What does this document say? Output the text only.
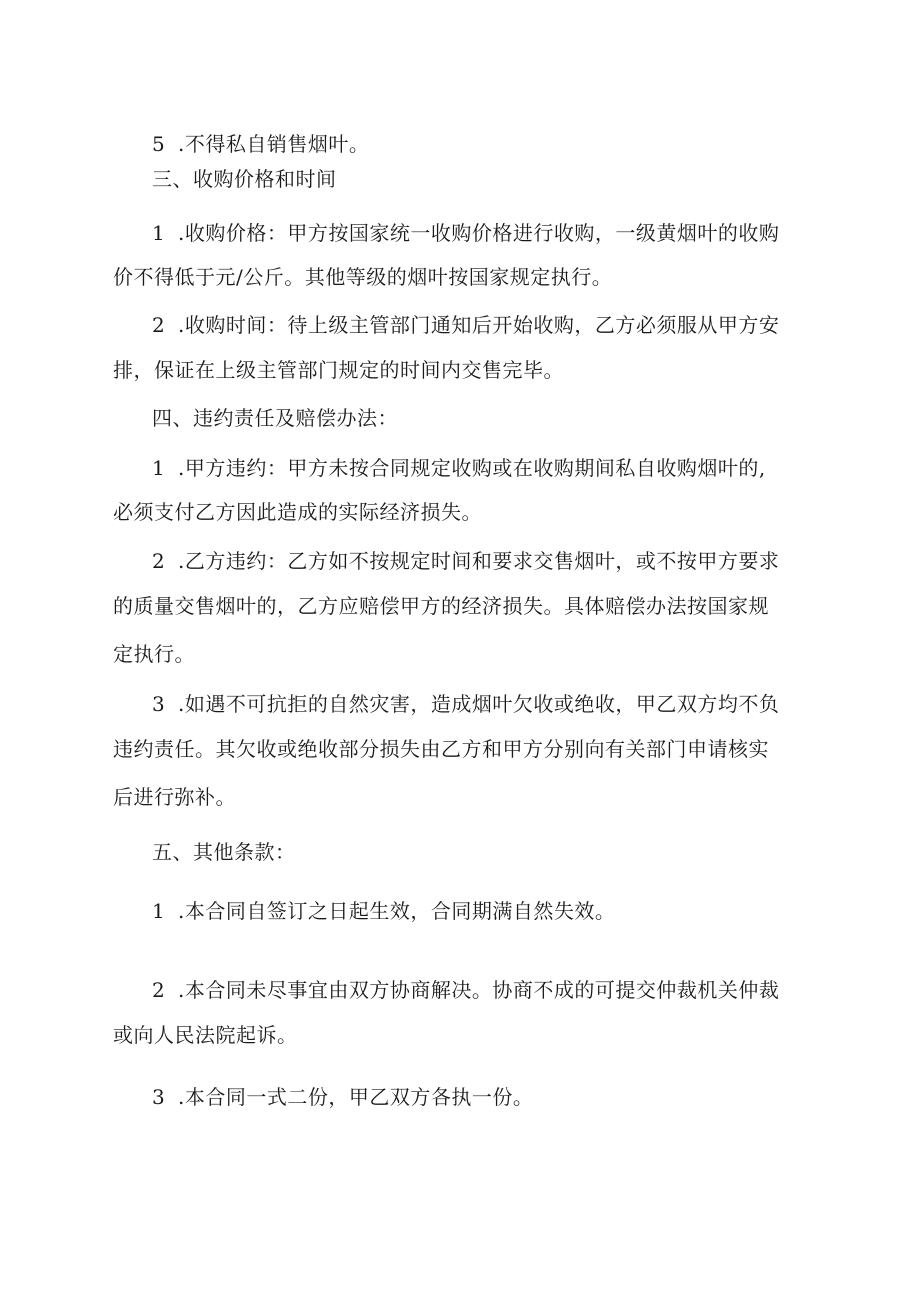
5 .不得私自销售烟叶。
三、收购价格和时间
1 .收购价格：甲方按国家统一收购价格进行收购，一级黄烟叶的收购
价不得低于元/公斤。其他等级的烟叶按国家规定执行。
2 .收购时间：待上级主管部门通知后开始收购，乙方必须服从甲方安
排，保证在上级主管部门规定的时间内交售完毕。
四、违约责任及赔偿办法：
1 .甲方违约：甲方未按合同规定收购或在收购期间私自收购烟叶的,
必须支付乙方因此造成的实际经济损失。
2 .乙方违约：乙方如不按规定时间和要求交售烟叶，或不按甲方要求
的质量交售烟叶的，乙方应赔偿甲方的经济损失。具体赔偿办法按国家规
定执行。
3 .如遇不可抗拒的自然灾害，造成烟叶欠收或绝收，甲乙双方均不负
违约责任。其欠收或绝收部分损失由乙方和甲方分别向有关部门申请核实
后进行弥补。
五、其他条款：
1 .本合同自签订之日起生效，合同期满自然失效。
2 .本合同未尽事宜由双方协商解决。协商不成的可提交仲裁机关仲裁
或向人民法院起诉。
3 .本合同一式二份，甲乙双方各执一份。
